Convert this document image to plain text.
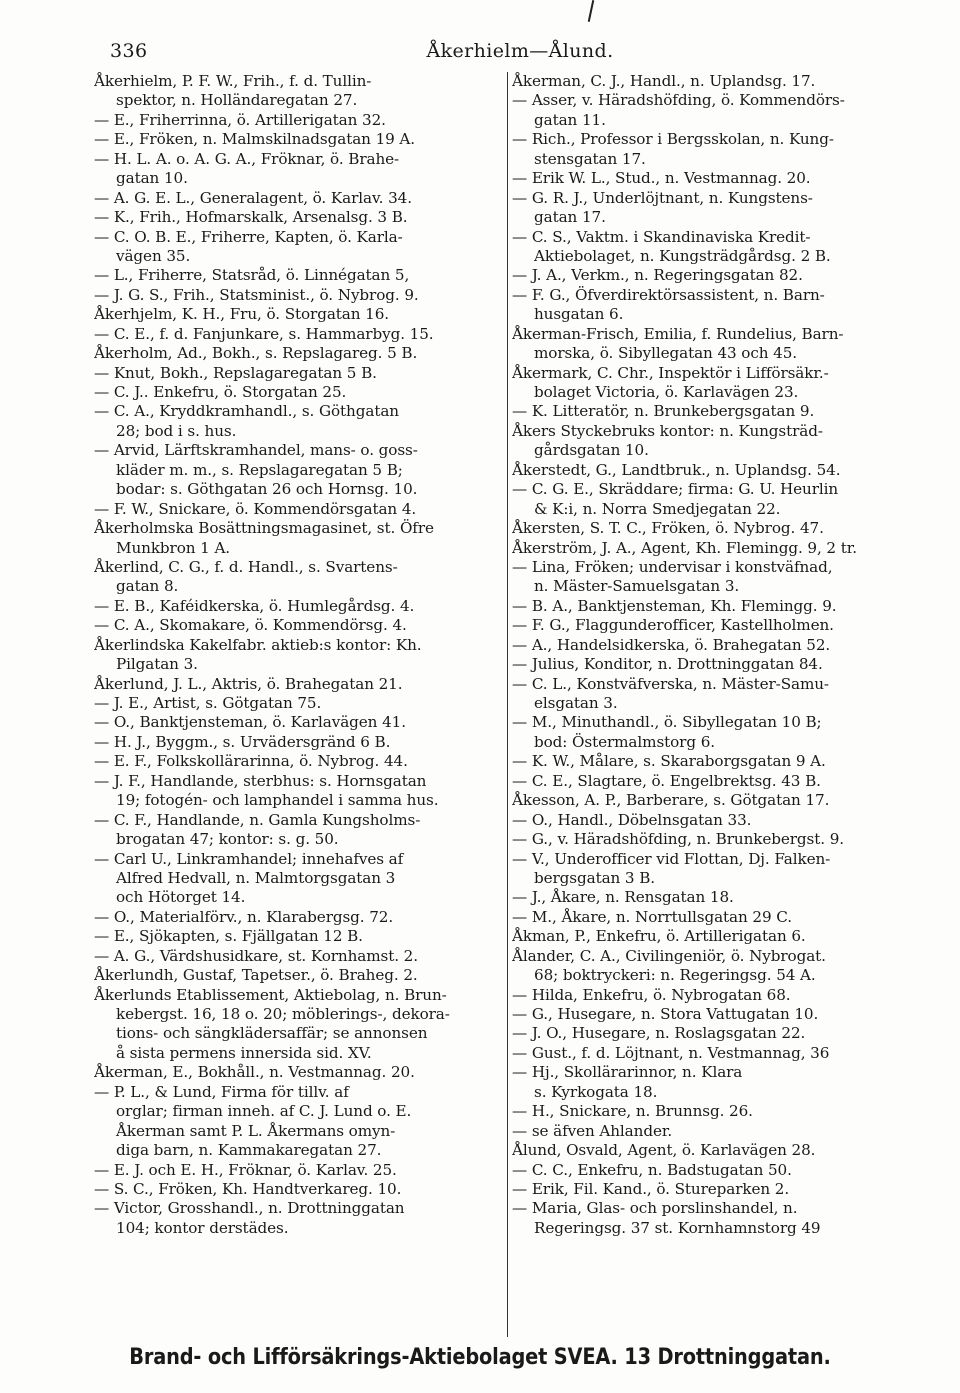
336	Åkerhielm—Ålund.
Åkerhielm, P. F. W., Frih., f. d. Tullin-
spektor, n. Holländaregatan 27.
— E., Friherrinna, ö. Artillerigatan 32.
— E., Fröken, n. Malmskilnadsgatan 19 A.
— H. L. A. o. A. G. A., Fröknar, ö. Brahe-
gatan 10.
— A. G. E. L., Generalagent, ö. Karlav. 34.
— K., Frih., Hofmarskalk, Arsenalsg. 3 B.
— C. O. B. E., Friherre, Kapten, ö. Karla-
vägen 35.
— L., Friherre, Statsråd, ö. Linnégatan 5,
— J. G. S., Frih., Statsminist., ö. Nybrog. 9.
Åkerhjelm, K. H., Fru, ö. Storgatan 16.
— C. E., f. d. Fanjunkare, s. Hammarbyg. 15.
Åkerholm, Ad., Bokh., s. Repslagareg. 5 B.
— Knut, Bokh., Repslagaregatan 5 B.
— C. J.. Enkefru, ö. Storgatan 25.
— C. A., Kryddkramhandl., s. Göthgatan
28; bod i s. hus.
— Arvid, Lärftskramhandel, mans- o. goss-
kläder m. m., s. Repslagaregatan 5 B;
bodar: s. Göthgatan 26 och Hornsg. 10.
— F. W., Snickare, ö. Kommendörsgatan 4.
Åkerholmska Bosättningsmagasinet, st. Öfre
Munkbron 1 A.
Åkerlind, C. G., f. d. Handl., s. Svartens-
gatan 8.
— E. B., Kaféidkerska, ö. Humlegårdsg. 4.
— C. A., Skomakare, ö. Kommendörsg. 4.
Åkerlindska Kakelfabr. aktieb:s kontor: Kh.
Pilgatan 3.
Åkerlund, J. L., Aktris, ö. Brahegatan 21.
— J. E., Artist, s. Götgatan 75.
— O., Banktjensteman, ö. Karlavägen 41.
— H. J., Byggm., s. Urvädersgränd 6 B.
— E. F., Folkskollärarinna, ö. Nybrog. 44.
— J. F., Handlande, sterbhus: s. Hornsgatan
19; fotogén- och lamphandel i samma hus.
— C. F., Handlande, n. Gamla Kungsholms-
brogatan 47; kontor: s. g. 50.
— Carl U., Linkramhandel; innehafves af
Alfred Hedvall, n. Malmtorgsgatan 3
och Hötorget 14.
— O., Materialförv., n. Klarabergsg. 72.
— E., Sjökapten, s. Fjällgatan 12 B.
— A. G., Värdshusidkare, st. Kornhamst. 2.
Åkerlundh, Gustaf, Tapetser., ö. Braheg. 2.
Åkerlunds Etablissement, Aktiebolag, n. Brun-
kebergst. 16, 18 o. 20; möblerings-, dekora-
tions- och sängklädersaffär; se annonsen
å sista permens innersida sid. XV.
Åkerman, E., Bokhåll., n. Vestmannag. 20.
— P. L., & Lund, Firma för tillv. af
orglar; firman inneh. af C. J. Lund o. E.
Åkerman samt P. L. Åkermans omyn-
diga barn, n. Kammakaregatan 27.
— E. J. och E. H., Fröknar, ö. Karlav. 25.
— S. C., Fröken, Kh. Handtverkareg. 10.
— Victor, Grosshandl., n. Drottninggatan
104; kontor derstädes.
Åkerman, C. J., Handl., n. Uplandsg. 17.
— Asser, v. Häradshöfding, ö. Kommendörs-
gatan 11.
— Rich., Professor i Bergsskolan, n. Kung-
stensgatan 17.
— Erik W. L., Stud., n. Vestmannag. 20.
— G. R. J., Underlöjtnant, n. Kungstens-
gatan 17.
— C. S., Vaktm. i Skandinaviska Kredit-
Aktiebolaget, n. Kungsträdgårdsg. 2 B.
— J. A., Verkm., n. Regeringsgatan 82.
— F. G., Öfverdirektörsassistent, n. Barn-
husgatan 6.
Åkerman-Frisch, Emilia, f. Rundelius, Barn-
morska, ö. Sibyllegatan 43 och 45.
Åkermark, C. Chr., Inspektör i Lifförsäkr.-
bolaget Victoria, ö. Karlavägen 23.
— K. Litteratör, n. Brunkebergsgatan 9.
Åkers Styckebruks kontor: n. Kungsträd-
gårdsgatan 10.
Åkerstedt, G., Landtbruk., n. Uplandsg. 54.
— C. G. E., Skräddare; firma: G. U. Heurlin
& K:i, n. Norra Smedjegatan 22.
Åkersten, S. T. C., Fröken, ö. Nybrog. 47.
Åkerström, J. A., Agent, Kh. Flemingg. 9, 2 tr.
— Lina, Fröken; undervisar i konstväfnad,
n. Mäster-Samuelsgatan 3.
— B. A., Banktjensteman, Kh. Flemingg. 9.
— F. G., Flaggunderofficer, Kastellholmen.
— A., Handelsidkerska, ö. Brahegatan 52.
— Julius, Konditor, n. Drottninggatan 84.
— C. L., Konstväfverska, n. Mäster-Samu-
elsgatan 3.
— M., Minuthandl., ö. Sibyllegatan 10 B;
bod: Östermalmstorg 6.
— K. W., Målare, s. Skaraborgsgatan 9 A.
— C. E., Slagtare, ö. Engelbrektsg. 43 B.
Åkesson, A. P., Barberare, s. Götgatan 17.
— O., Handl., Döbelnsgatan 33.
— G., v. Häradshöfding, n. Brunkebergst. 9.
— V., Underofficer vid Flottan, Dj. Falken-
bergsgatan 3 B.
— J., Åkare, n. Rensgatan 18.
— M., Åkare, n. Norrtullsgatan 29 C.
Åkman, P., Enkefru, ö. Artillerigatan 6.
Ålander, C. A., Civilingeniör, ö. Nybrogat.
68; boktryckeri: n. Regeringsg. 54 A.
— Hilda, Enkefru, ö. Nybrogatan 68.
— G., Husegare, n. Stora Vattugatan 10.
— J. O., Husegare, n. Roslagsgatan 22.
— Gust., f. d. Löjtnant, n. Vestmannag, 36
— Hj., Skollärarinnor, n. Klara
s. Kyrkogata 18.
— H., Snickare, n. Brunnsg. 26.
— se äfven Ahlander.
Ålund, Osvald, Agent, ö. Karlavägen 28.
— C. C., Enkefru, n. Badstugatan 50.
— Erik, Fil. Kand., ö. Stureparken 2.
— Maria, Glas- och porslinshandel, n.
Regeringsg. 37 st. Kornhamnstorg 49
Brand- och Lifförsäkrings-Aktiebolaget SVEA. 13 Drottninggatan.
